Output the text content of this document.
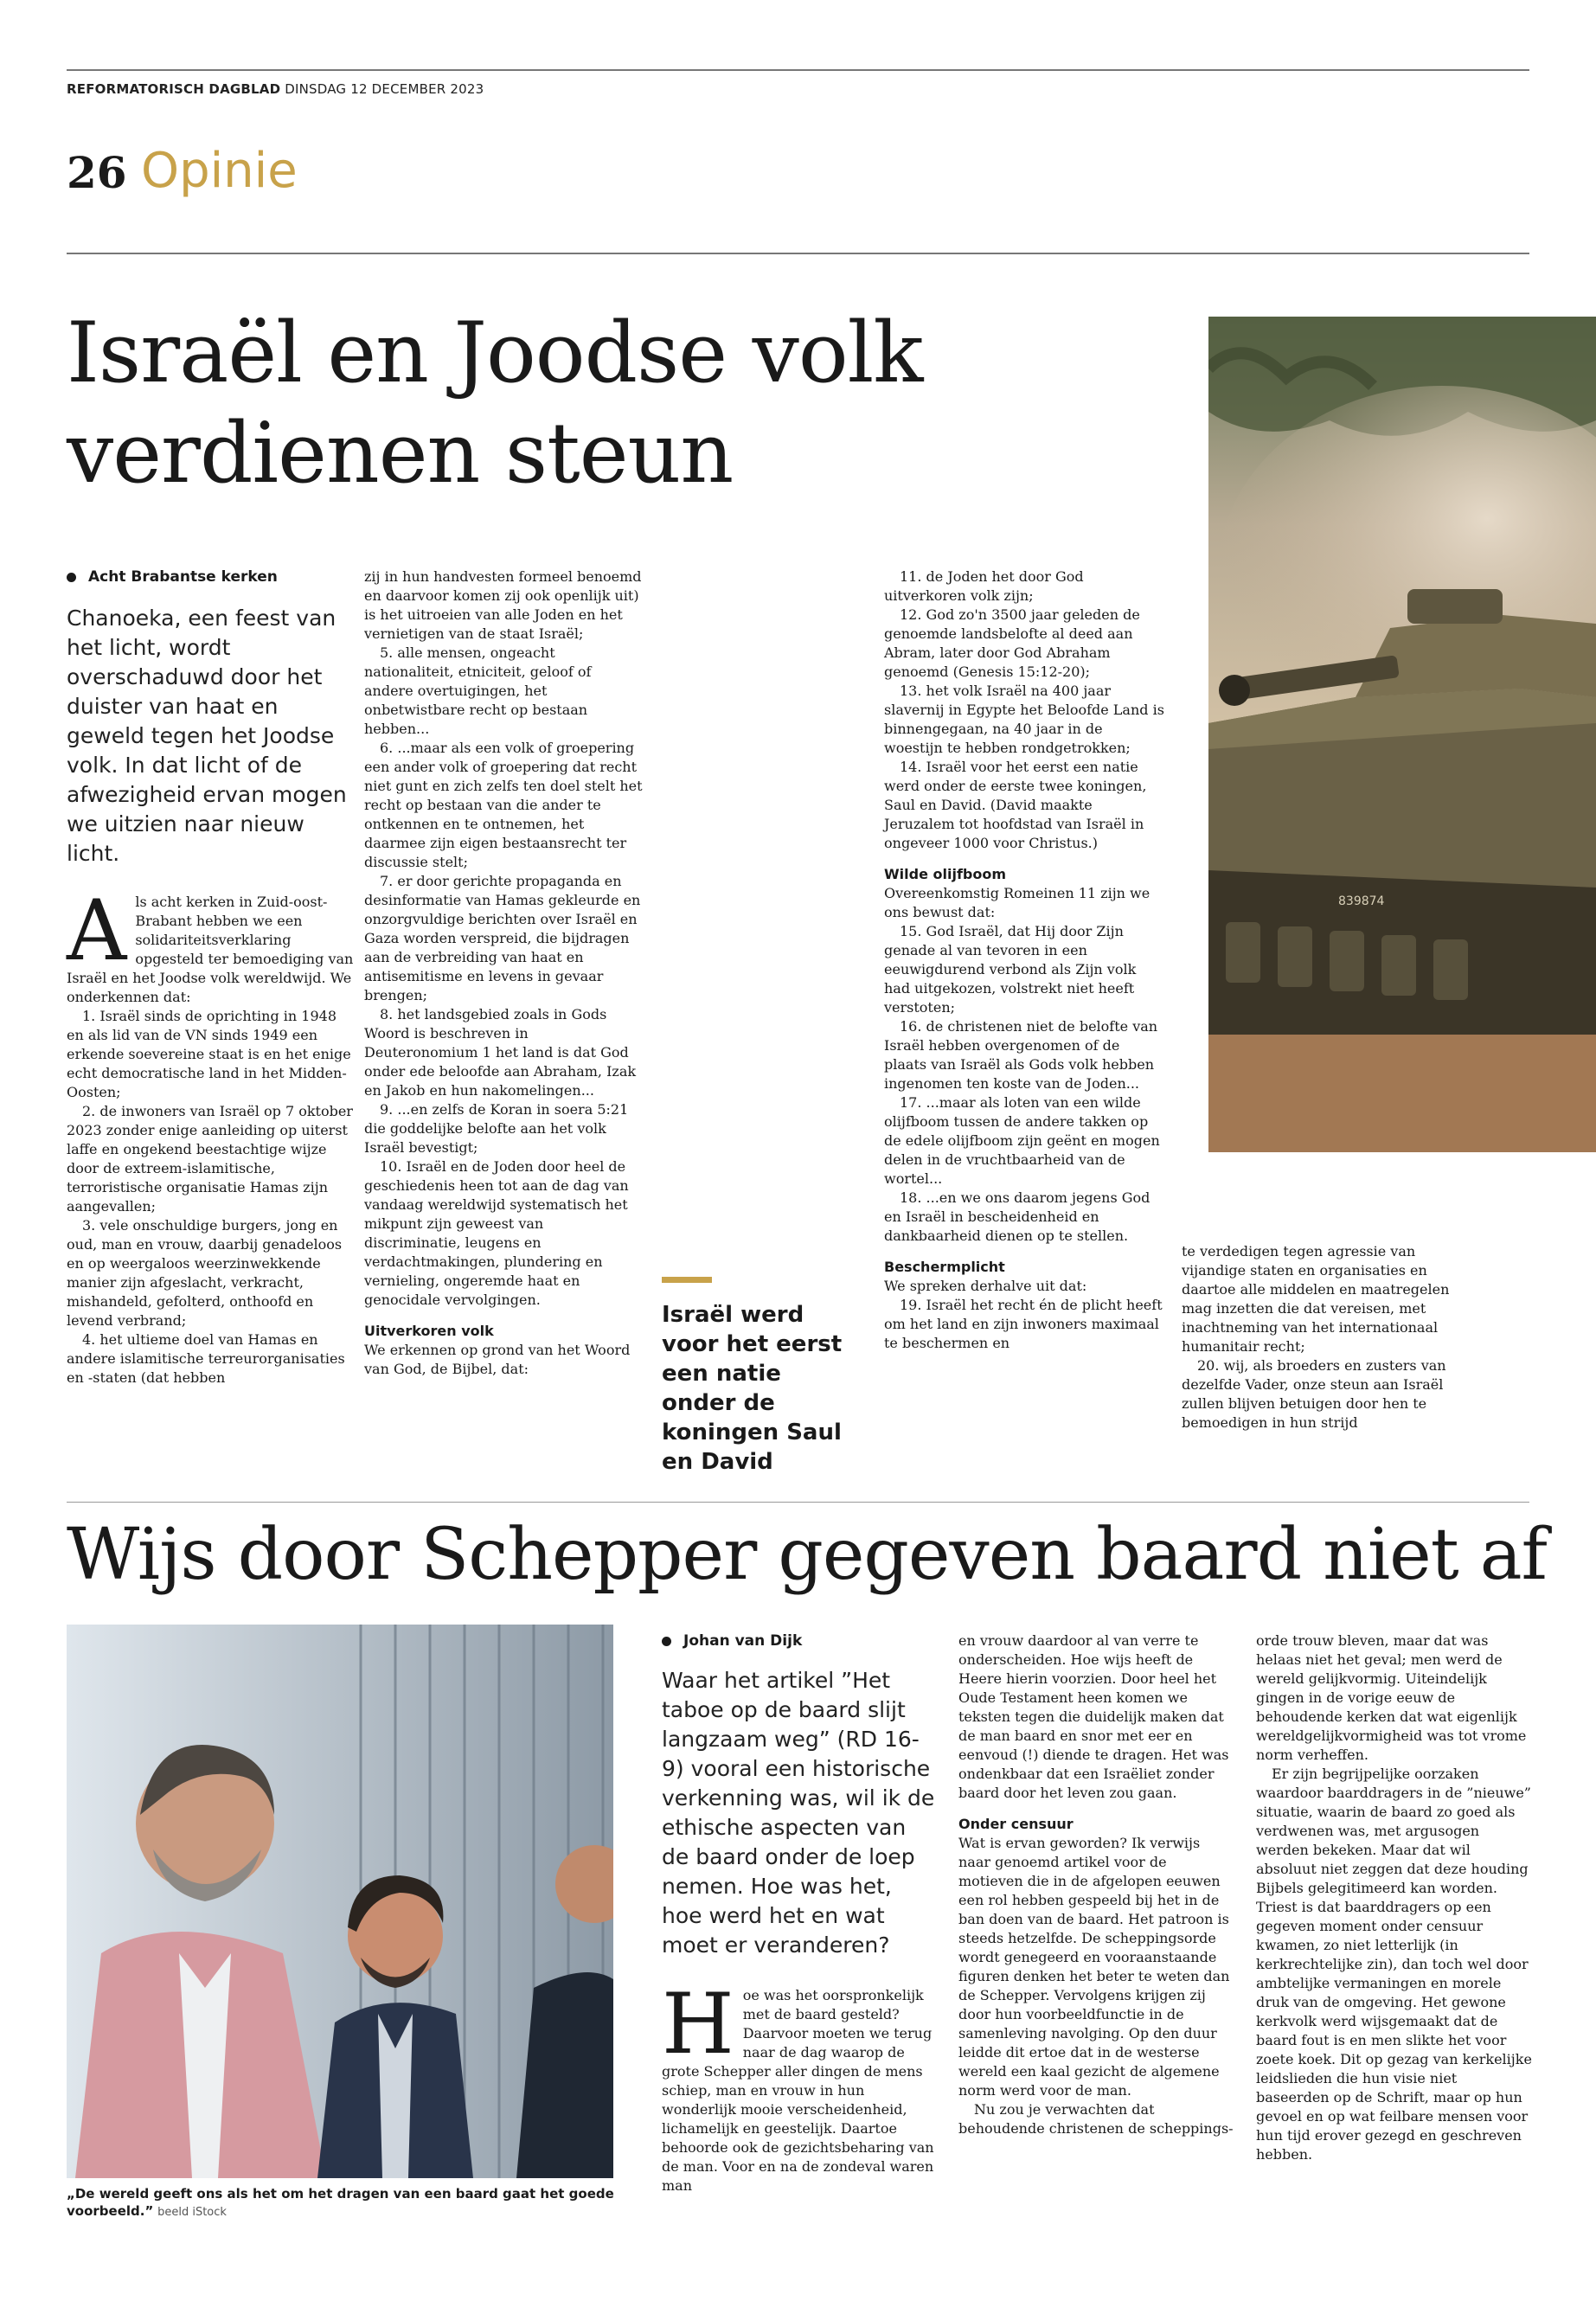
REFORMATORISCH DAGBLAD DINSDAG 12 DECEMBER 2023
26 Opinie
Israël en Joodse volk
verdienen steun
839874
Acht Brabantse kerken
Chanoeka, een feest van het licht, wordt overschaduwd door het duister van haat en geweld tegen het Joodse volk. In dat licht of de afwezigheid ervan mogen we uitzien naar nieuw licht.

Als acht kerken in Zuid-oost-Brabant hebben we een solidariteitsverklaring opgesteld ter bemoediging van Israël en het Joodse volk wereldwijd. We onderkennen dat:

1. Israël sinds de oprichting in 1948 en als lid van de VN sinds 1949 een erkende soevereine staat is en het enige echt democratische land in het Midden-Oosten;

2. de inwoners van Israël op 7 oktober 2023 zonder enige aanleiding op uiterst laffe en ongekend beestachtige wijze door de extreem-islamitische, terroristische organisatie Hamas zijn aangevallen;

3. vele onschuldige burgers, jong en oud, man en vrouw, daarbij genadeloos en op weergaloos weerzinwekkende manier zijn afgeslacht, verkracht, mishandeld, gefolterd, onthoofd en levend verbrand;

4. het ultieme doel van Hamas en andere islamitische terreurorganisaties en -staten (dat hebben

zij in hun handvesten formeel benoemd en daarvoor komen zij ook openlijk uit) is het uitroeien van alle Joden en het vernietigen van de staat Israël;

5. alle mensen, ongeacht nationaliteit, etniciteit, geloof of andere overtuigingen, het onbetwistbare recht op bestaan hebben...

6. ...maar als een volk of groepering een ander volk of groepering dat recht niet gunt en zich zelfs ten doel stelt het recht op bestaan van die ander te ontkennen en te ontnemen, het daarmee zijn eigen bestaansrecht ter discussie stelt;

7. er door gerichte propaganda en desinformatie van Hamas gekleurde en onzorgvuldige berichten over Israël en Gaza worden verspreid, die bijdragen aan de verbreiding van haat en antisemitisme en levens in gevaar brengen;

8. het landsgebied zoals in Gods Woord is beschreven in Deuteronomium 1 het land is dat God onder ede beloofde aan Abraham, Izak en Jakob en hun nakomelingen...

9. ...en zelfs de Koran in soera 5:21 die goddelijke belofte aan het volk Israël bevestigt;

10. Israël en de Joden door heel de geschiedenis heen tot aan de dag van vandaag wereldwijd systematisch het mikpunt zijn geweest van discriminatie, leugens en verdachtmakingen, plundering en vernieling, ongeremde haat en genocidale vervolgingen.

Uitverkoren volk

We erkennen op grond van het Woord van God, de Bijbel, dat:

Israël werd voor het eerst een natie onder de koningen Saul en David

11. de Joden het door God uitverkoren volk zijn;

12. God zo'n 3500 jaar geleden de genoemde landsbelofte al deed aan Abram, later door God Abraham genoemd (Genesis 15:12-20);

13. het volk Israël na 400 jaar slavernij in Egypte het Beloofde Land is binnengegaan, na 40 jaar in de woestijn te hebben rondgetrokken;

14. Israël voor het eerst een natie werd onder de eerste twee koningen, Saul en David. (David maakte Jeruzalem tot hoofdstad van Israël in ongeveer 1000 voor Christus.)

Wilde olijfboom

Overeenkomstig Romeinen 11 zijn we ons bewust dat:

15. God Israël, dat Hij door Zijn genade al van tevoren in een eeuwigdurend verbond als Zijn volk had uitgekozen, volstrekt niet heeft verstoten;

16. de christenen niet de belofte van Israël hebben overgenomen of de plaats van Israël als Gods volk hebben ingenomen ten koste van de Joden...

17. ...maar als loten van een wilde olijfboom tussen de andere takken op de edele olijfboom zijn geënt en mogen delen in de vruchtbaarheid van de wortel...

18. ...en we ons daarom jegens God en Israël in bescheidenheid en dankbaarheid dienen op te stellen.

Beschermplicht

We spreken derhalve uit dat:

19. Israël het recht én de plicht heeft om het land en zijn inwoners maximaal te beschermen en

te verdedigen tegen agressie van vijandige staten en organisaties en daartoe alle middelen en maatregelen mag inzetten die dat vereisen, met inachtneming van het internationaal humanitair recht;

20. wij, als broeders en zusters van dezelfde Vader, onze steun aan Israël zullen blijven betuigen door hen te bemoedigen in hun strijd

Wijs door Schepper gegeven baard niet af
„De wereld geeft ons als het om het dragen van een baard gaat het goede voorbeeld.” beeld iStock
Johan van Dijk
Waar het artikel ”Het taboe op de baard slijt langzaam weg” (RD 16-9) vooral een historische verkenning was, wil ik de ethische aspecten van de baard onder de loep nemen. Hoe was het, hoe werd het en wat moet er veranderen?

Hoe was het oorspronkelijk met de baard gesteld? Daarvoor moeten we terug naar de dag waarop de grote Schepper aller dingen de mens schiep, man en vrouw in hun wonderlijk mooie verscheidenheid, lichamelijk en geestelijk. Daartoe behoorde ook de gezichtsbeharing van de man. Voor en na de zondeval waren man

en vrouw daardoor al van verre te onderscheiden. Hoe wijs heeft de Heere hierin voorzien. Door heel het Oude Testament heen komen we teksten tegen die duidelijk maken dat de man baard en snor met eer en eenvoud (!) diende te dragen. Het was ondenkbaar dat een Israëliet zonder baard door het leven zou gaan.

Onder censuur

Wat is ervan geworden? Ik verwijs naar genoemd artikel voor de motieven die in de afgelopen eeuwen een rol hebben gespeeld bij het in de ban doen van de baard. Het patroon is steeds hetzelfde. De scheppingsorde wordt genegeerd en vooraanstaande figuren denken het beter te weten dan de Schepper. Vervolgens krijgen zij door hun voorbeeldfunctie in de samenleving navolging. Op den duur leidde dit ertoe dat in de westerse wereld een kaal gezicht de algemene norm werd voor de man.

Nu zou je verwachten dat behoudende christenen de scheppings-

orde trouw bleven, maar dat was helaas niet het geval; men werd de wereld gelijkvormig. Uiteindelijk gingen in de vorige eeuw de behoudende kerken dat wat eigenlijk wereldgelijkvormigheid was tot vrome norm verheffen.

Er zijn begrijpelijke oorzaken waardoor baarddragers in de ”nieuwe” situatie, waarin de baard zo goed als verdwenen was, met argusogen werden bekeken. Maar dat wil absoluut niet zeggen dat deze houding Bijbels gelegitimeerd kan worden. Triest is dat baarddragers op een gegeven moment onder censuur kwamen, zo niet letterlijk (in kerkrechtelijke zin), dan toch wel door ambtelijke vermaningen en morele druk van de omgeving. Het gewone kerkvolk werd wijsgemaakt dat de baard fout is en men slikte het voor zoete koek. Dit op gezag van kerkelijke leidslieden die hun visie niet baseerden op de Schrift, maar op hun gevoel en op wat feilbare mensen voor hun tijd erover gezegd en geschreven hebben.
